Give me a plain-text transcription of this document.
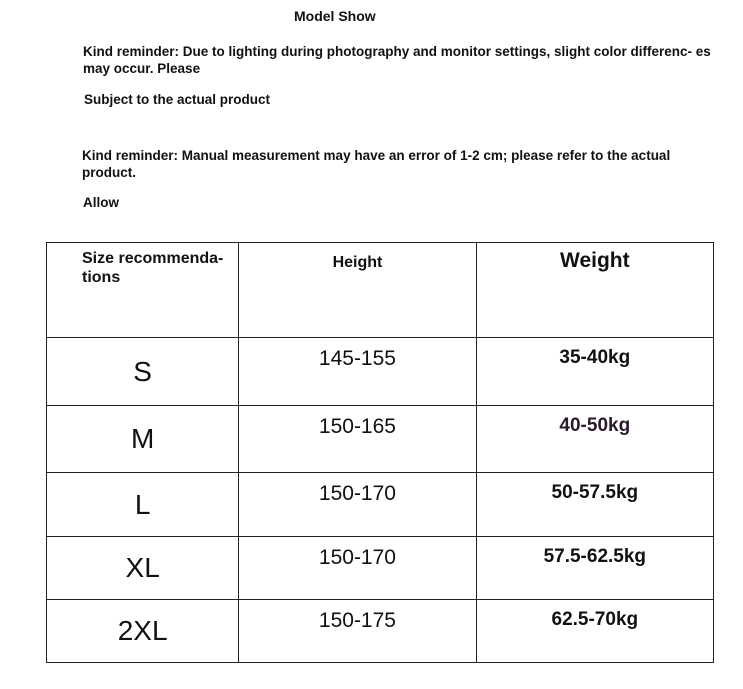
Model Show
Kind reminder: Due to lighting during photography and monitor settings, slight color differenc- es may occur. Please
Subject to the actual product
Kind reminder: Manual measurement may have an error of 1-2 cm; please refer to the actual product.
Allow
Size recommenda- tions	Height	Weight
S	145-155	35-40kg
M	150-165	40-50kg
L	150-170	50-57.5kg
XL	150-170	57.5-62.5kg
2XL	150-175	62.5-70kg
